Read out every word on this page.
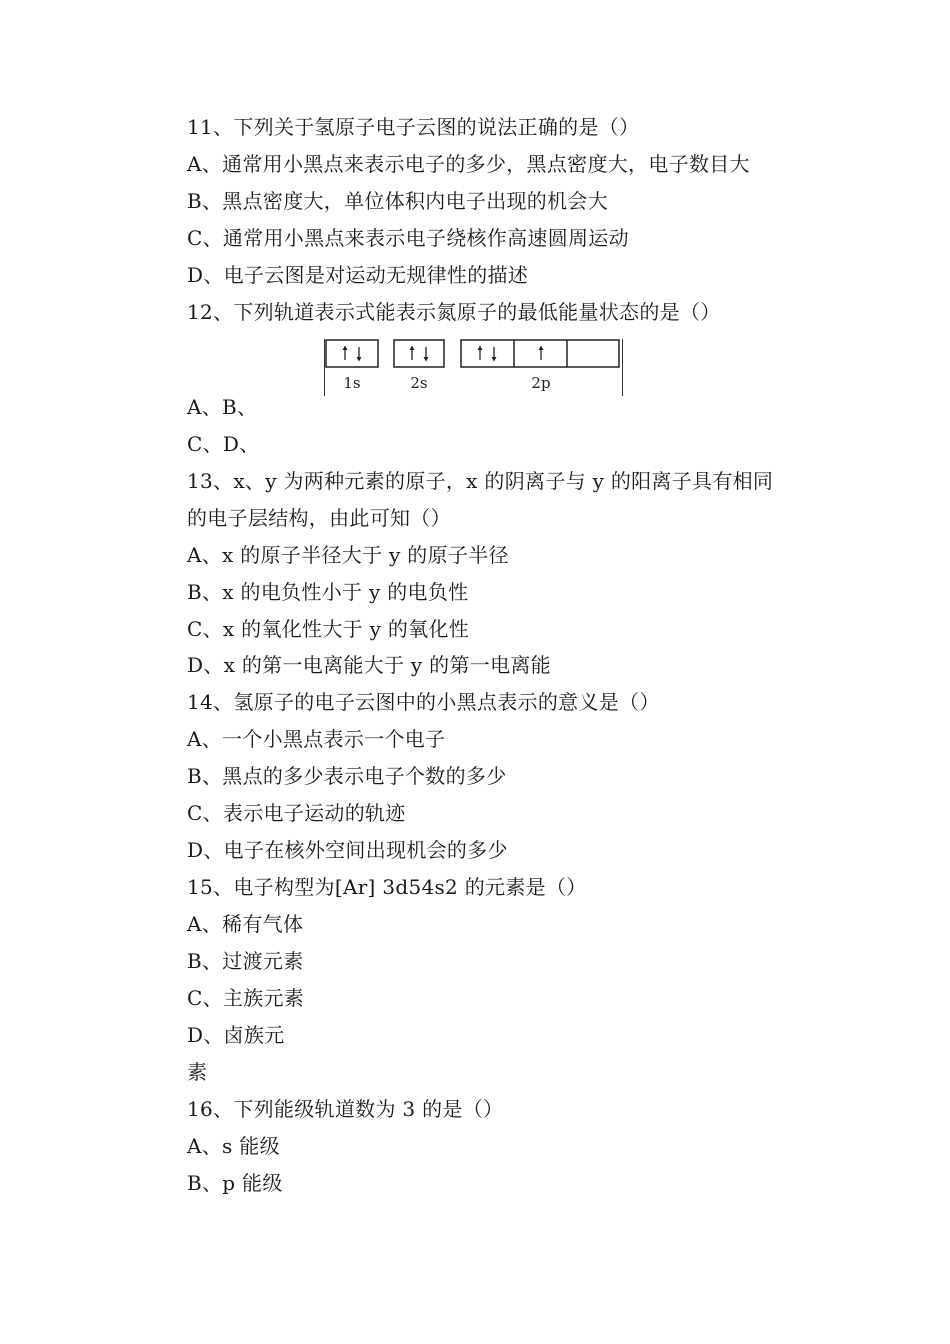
11、下列关于氢原子电子云图的说法正确的是（）
A、通常用小黑点来表示电子的多少，黑点密度大，电子数目大
B、黑点密度大，单位体积内电子出现的机会大
C、通常用小黑点来表示电子绕核作高速圆周运动
D、电子云图是对运动无规律性的描述
12、下列轨道表示式能表示氮原子的最低能量状态的是（）
1s	2s	2p
A、B、
C、D、
13、x、y 为两种元素的原子，x 的阴离子与 y 的阳离子具有相同
的电子层结构，由此可知（）
A、x 的原子半径大于 y 的原子半径
B、x 的电负性小于 y 的电负性
C、x 的氧化性大于 y 的氧化性
D、x 的第一电离能大于 y 的第一电离能
14、氢原子的电子云图中的小黑点表示的意义是（）
A、一个小黑点表示一个电子
B、黑点的多少表示电子个数的多少
C、表示电子运动的轨迹
D、电子在核外空间出现机会的多少
15、电子构型为[Ar] 3d54s2 的元素是（）
A、稀有气体
B、过渡元素
C、主族元素
D、卤族元
素
16、下列能级轨道数为 3 的是（）
A、s 能级
B、p 能级
